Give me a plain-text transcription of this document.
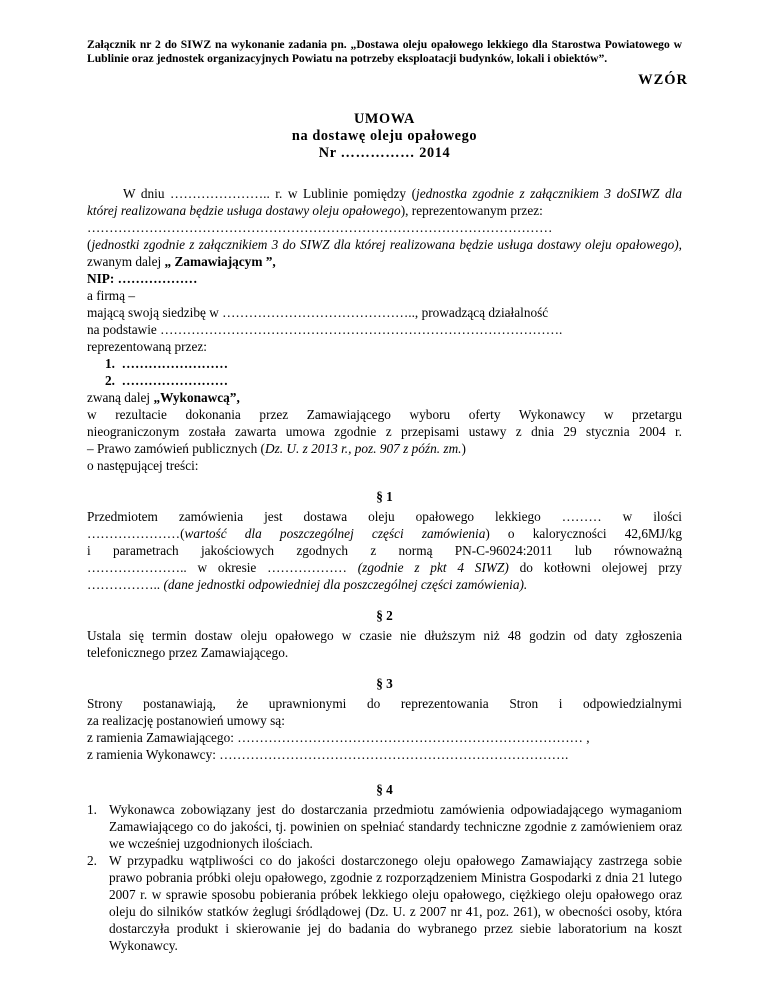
Załącznik nr 2 do SIWZ na wykonanie zadania pn. „Dostawa oleju opałowego lekkiego dla Starostwa Powiatowego w Lublinie oraz jednostek organizacyjnych Powiatu na potrzeby eksploatacji budynków, lokali i obiektów”.

WZÓR
UMOWA
na dostawę oleju opałowego
Nr …………… 2014

W dniu ………………….. r. w Lublinie pomiędzy (jednostka zgodnie z załącznikiem 3 doSIWZ dla której realizowana będzie usługa dostawy oleju opałowego), reprezentowanym przez:

……………………………………………………………………………………………

(jednostki zgodnie z załącznikiem 3 do SIWZ dla której realizowana będzie usługa dostawy oleju opałowego), zwanym dalej „ Zamawiającym ”,

NIP: ………………

a firmą –

mającą swoją siedzibę w …………………………………….., prowadzącą działalność

na podstawie ……………………………………………………………………………….

reprezentowaną przez:

1. ……………………
2. ……………………

zwaną dalej „Wykonawcą”,

w rezultacie dokonania przez Zamawiającego wyboru oferty Wykonawcy w przetargu

nieograniczonym została zawarta umowa zgodnie z przepisami ustawy z dnia 29 stycznia 2004 r.

– Prawo zamówień publicznych (Dz. U. z 2013 r., poz. 907 z późn. zm.)

o następującej treści:

§ 1

Przedmiotem zamówienia jest dostawa oleju opałowego lekkiego ……… w ilości

…………………(wartość dla poszczególnej części zamówienia) o kaloryczności 42,6MJ/kg

i parametrach jakościowych zgodnych z normą PN-C-96024:2011 lub równoważną

………………….. w okresie ……………… (zgodnie z pkt 4 SIWZ) do kotłowni olejowej przy

…………….. (dane jednostki odpowiedniej dla poszczególnej części zamówienia).

§ 2

Ustala się termin dostaw oleju opałowego w czasie nie dłuższym niż 48 godzin od daty zgłoszenia telefonicznego przez Zamawiającego.

§ 3

Strony postanawiają, że uprawnionymi do reprezentowania Stron i odpowiedzialnymi

za realizację postanowień umowy są:

z ramienia Zamawiającego: …………………………………………………………………… ,

z ramienia Wykonawcy: …………………………………………………………………….

§ 4
1. Wykonawca zobowiązany jest do dostarczania przedmiotu zamówienia odpowiadającego wymaganiom Zamawiającego co do jakości, tj. powinien on spełniać standardy techniczne zgodnie z zamówieniem oraz we wcześniej uzgodnionych ilościach.
2. W przypadku wątpliwości co do jakości dostarczonego oleju opałowego Zamawiający zastrzega sobie prawo pobrania próbki oleju opałowego, zgodnie z rozporządzeniem Ministra Gospodarki z dnia 21 lutego 2007 r. w sprawie sposobu pobierania próbek lekkiego oleju opałowego, ciężkiego oleju opałowego oraz oleju do silników statków żeglugi śródlądowej (Dz. U. z 2007 nr 41, poz. 261), w obecności osoby, która dostarczyła produkt i skierowanie jej do badania do wybranego przez siebie laboratorium na koszt Wykonawcy.
